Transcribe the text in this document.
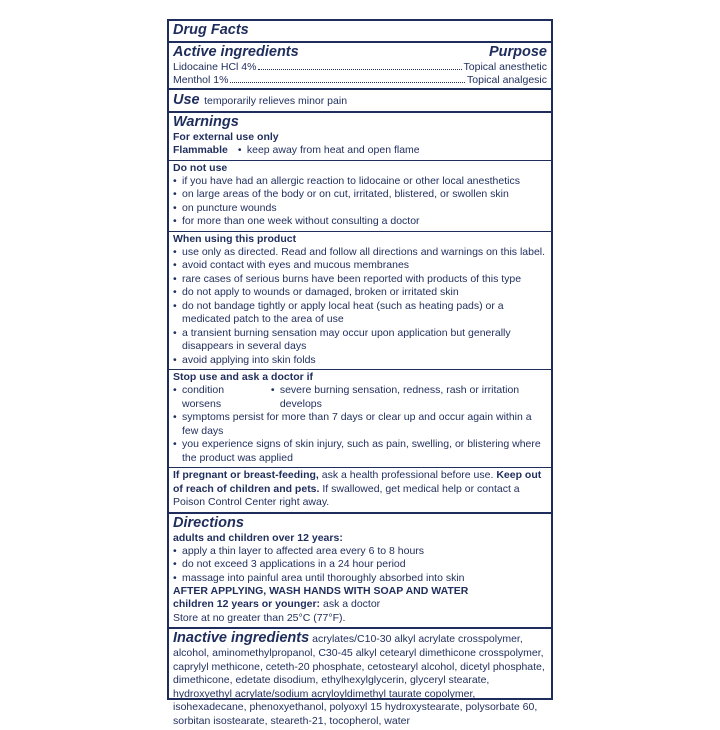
Drug Facts
Active ingredients	Purpose
Lidocaine HCl 4%	Topical anesthetic
Menthol 1%	Topical analgesic
Use temporarily relieves minor pain
Warnings
For external use only
Flammable
•	keep away from heat and open flame
Do not use
• if you have had an allergic reaction to lidocaine or other local anesthetics
• on large areas of the body or on cut, irritated, blistered, or swollen skin
• on puncture wounds
• for more than one week without consulting a doctor
When using this product
• use only as directed. Read and follow all directions and warnings on this label.
• avoid contact with eyes and mucous membranes
• rare cases of serious burns have been reported with products of this type
• do not apply to wounds or damaged, broken or irritated skin
• do not bandage tightly or apply local heat (such as heating pads) or a medicated patch to the area of use
• a transient burning sensation may occur upon application but generally disappears in several days
• avoid applying into skin folds
Stop use and ask a doctor if
• condition worsens
• severe burning sensation, redness, rash or irritation develops
• symptoms persist for more than 7 days or clear up and occur again within a few days
• you experience signs of skin injury, such as pain, swelling, or blistering where the product was applied
If pregnant or breast-feeding, ask a health professional before use. Keep out of reach of children and pets. If swallowed, get medical help or contact a Poison Control Center right away.
Directions
adults and children over 12 years:
• apply a thin layer to affected area every 6 to 8 hours
• do not exceed 3 applications in a 24 hour period
• massage into painful area until thoroughly absorbed into skin
AFTER APPLYING, WASH HANDS WITH SOAP AND WATER
children 12 years or younger: ask a doctor
Store at no greater than 25°C (77°F).
Inactive ingredients acrylates/C10-30 alkyl acrylate crosspolymer, alcohol, aminomethylpropanol, C30-45 alkyl cetearyl dimethicone crosspolymer, caprylyl methicone, ceteth-20 phosphate, cetostearyl alcohol, dicetyl phosphate, dimethicone, edetate disodium, ethylhexylglycerin, glyceryl stearate, hydroxyethyl acrylate/sodium acryloyldimethyl taurate copolymer, isohexadecane, phenoxyethanol, polyoxyl 15 hydroxystearate, polysorbate 60, sorbitan isostearate, steareth-21, tocopherol, water
